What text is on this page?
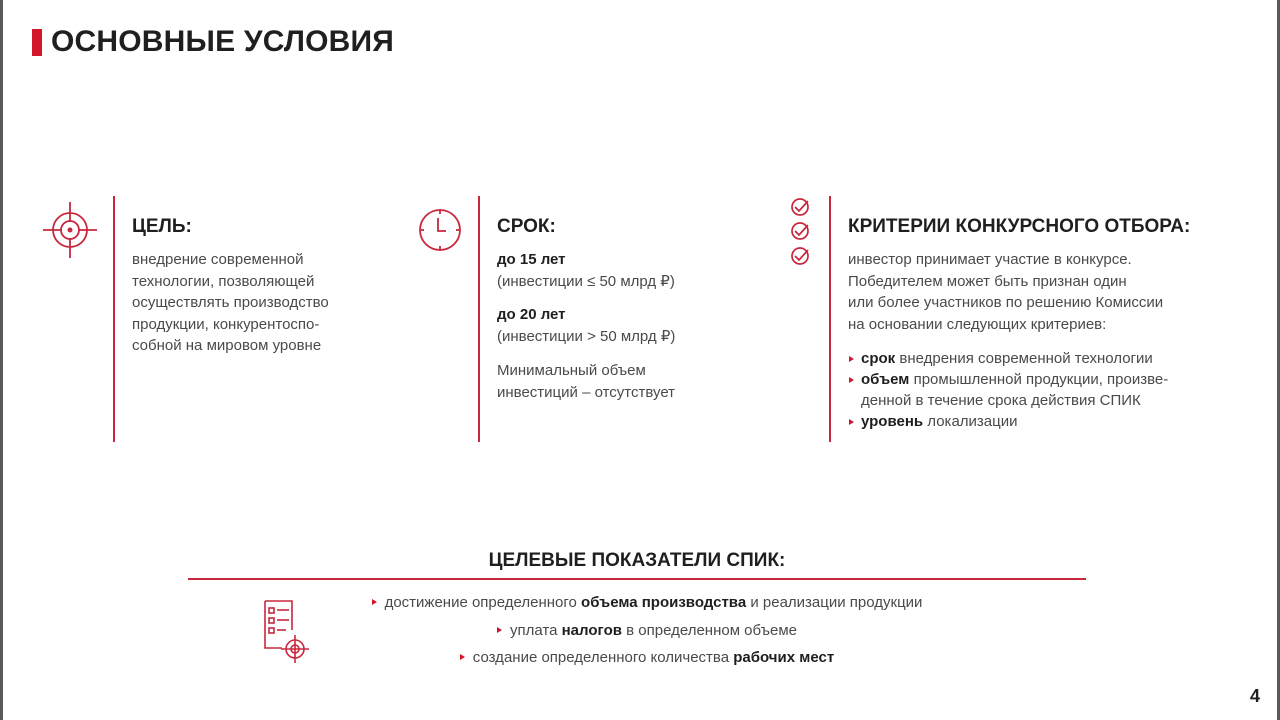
ОСНОВНЫЕ УСЛОВИЯ
ЦЕЛЬ:
внедрение современной
технологии, позволяющей
осуществлять производство
продукции, конкурентоспо-
собной на мировом уровне
СРОК:
до 15 лет
(инвестиции ≤ 50 млрд ₽)
до 20 лет
(инвестиции > 50 млрд ₽)
Минимальный объем
инвестиций – отсутствует
КРИТЕРИИ КОНКУРСНОГО ОТБОРА:
инвестор принимает участие в конкурсе.
Победителем может быть признан один
или более участников по решению Комиссии
на основании следующих критериев:
срок внедрения современной технологии
объем промышленной продукции, произве-
денной в течение срока действия СПИК
уровень локализации
ЦЕЛЕВЫЕ ПОКАЗАТЕЛИ СПИК:
достижение определенного объема производства и реализации продукции
уплата налогов в определенном объеме
создание определенного количества рабочих мест
4
